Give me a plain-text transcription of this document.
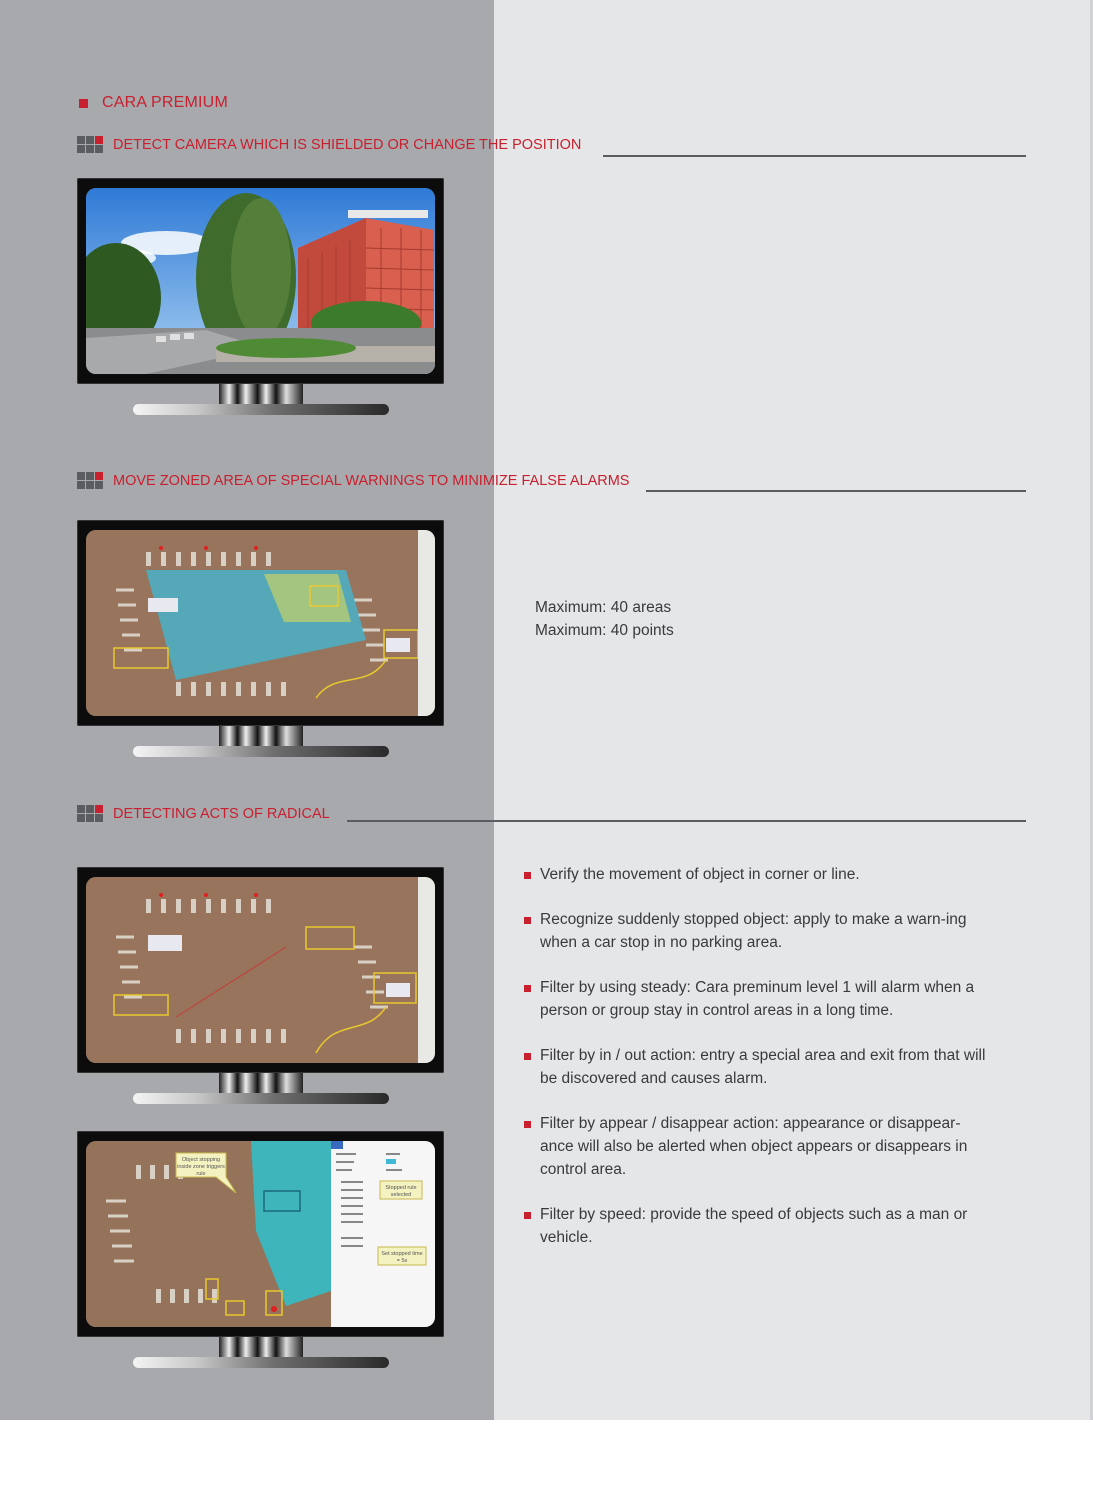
CARA PREMIUM
DETECT CAMERA WHICH IS SHIELDED OR CHANGE THE POSITION
MOVE ZONED AREA OF SPECIAL WARNINGS TO MINIMIZE FALSE ALARMS
Maximum: 40 areas
Maximum: 40 points
DETECTING ACTS OF RADICAL
Object stopping
inside zone triggers
rule
Stopped rule
selected
Set stopped time
= 5s
Verify the movement of object in corner or line.
Recognize suddenly stopped object: apply to make a warn-ing when a car stop in no parking area.
Filter by using steady: Cara preminum level 1 will alarm when a person or group stay in control areas in a long time.
Filter by in / out action: entry a special area and exit from that will be discovered and causes alarm.
Filter by appear / disappear action: appearance or disappear-ance will also be alerted when object appears or disappears in control area.
Filter by speed: provide the speed of objects such as a man or vehicle.
